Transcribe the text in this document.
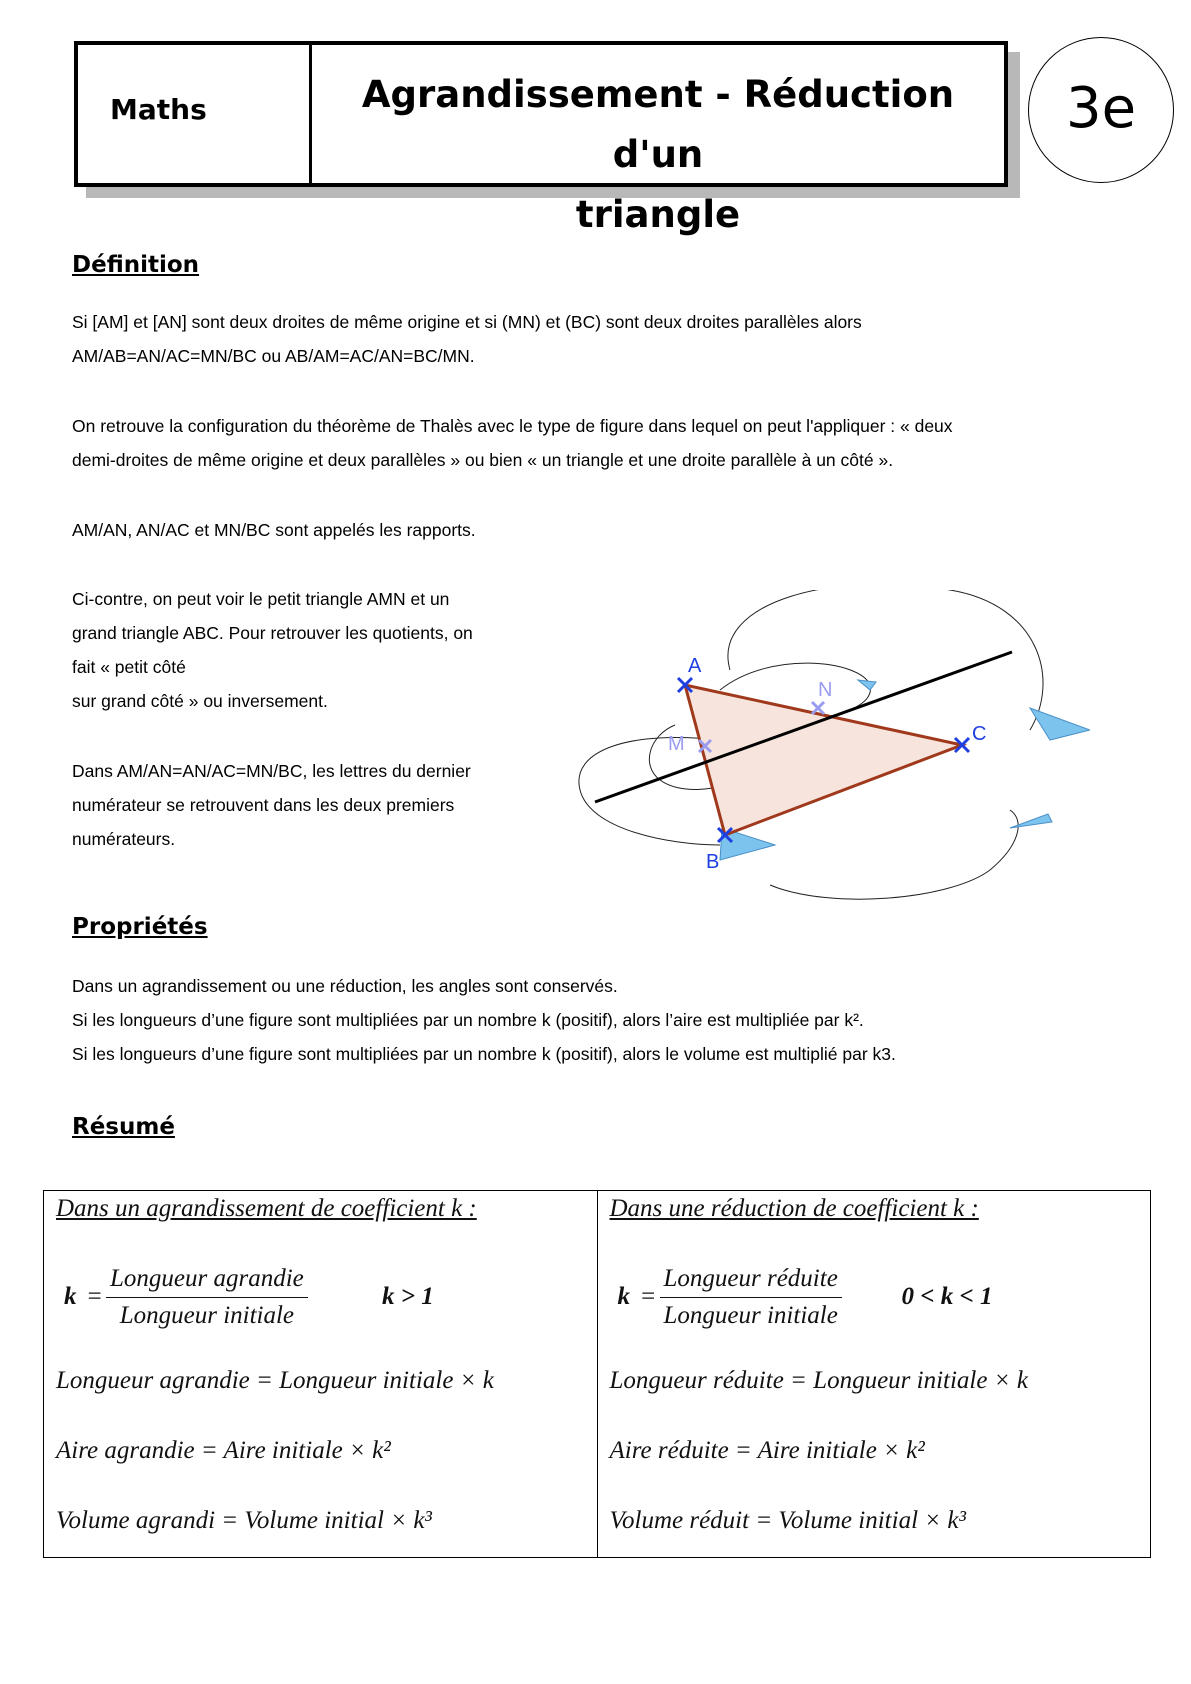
Maths	Agrandissement - Réduction d'un
triangle
3e
Définition
Si [AM] et [AN] sont deux droites de même origine et si (MN) et (BC) sont deux droites parallèles alors
AM/AB=AN/AC=MN/BC ou AB/AM=AC/AN=BC/MN.
On retrouve la configuration du théorème de Thalès avec le type de figure dans lequel on peut l'appliquer : « deux
demi-droites de même origine et deux parallèles » ou bien « un triangle et une droite parallèle à un côté ».
AM/AN, AN/AC et MN/BC sont appelés les rapports.
Ci-contre, on peut voir le petit triangle AMN et un
grand triangle ABC. Pour retrouver les quotients, on
fait « petit côté
sur grand côté » ou inversement.
Dans AM/AN=AN/AC=MN/BC, les lettres du dernier
numérateur se retrouvent dans les deux premiers
numérateurs.
A
B
C
M
N
Propriétés
Dans un agrandissement ou une réduction, les angles sont conservés.
Si les longueurs d’une figure sont multipliées par un nombre k (positif), alors l’aire est multipliée par k².
Si les longueurs d’une figure sont multipliées par un nombre k (positif), alors le volume est multiplié par k3.
Résumé
Dans un agrandissement de coefficient k :
k =
Longueur agrandie
Longueur initiale
k > 1
Longueur agrandie = Longueur initiale × k
Aire agrandie = Aire initiale × k²
Volume agrandi = Volume initial × k³

Dans une réduction de coefficient k :
k =
Longueur réduite
Longueur initiale
0 < k < 1
Longueur réduite = Longueur initiale × k
Aire réduite = Aire initiale × k²
Volume réduit = Volume initial × k³
